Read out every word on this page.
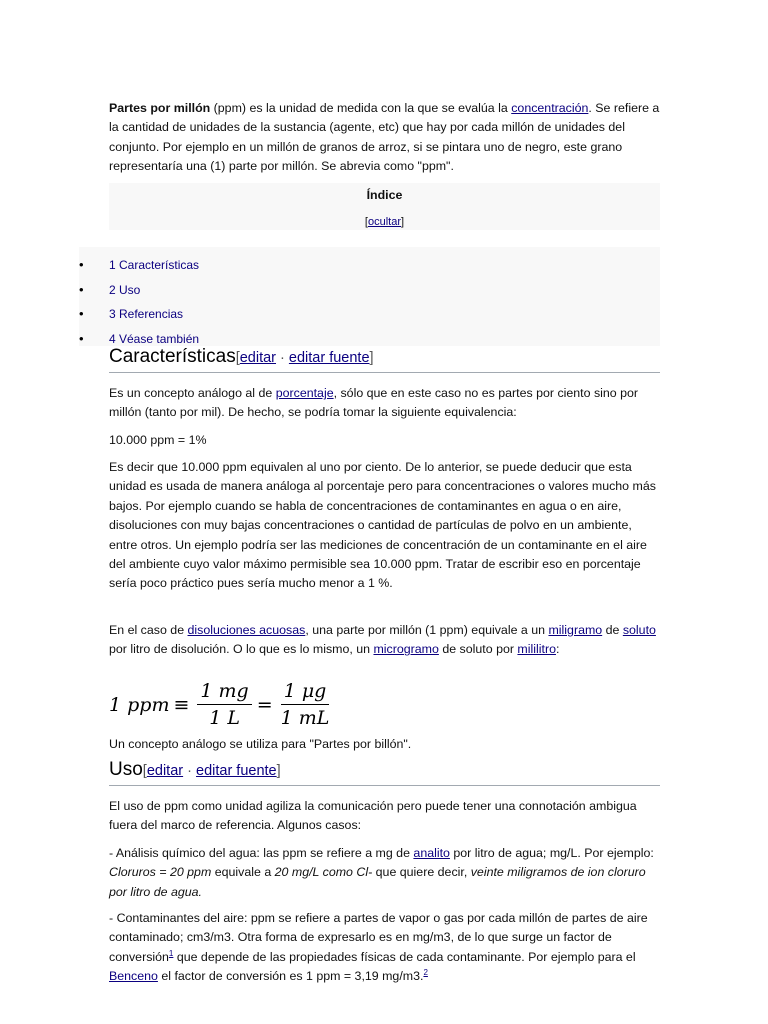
Partes por millón (ppm) es la unidad de medida con la que se evalúa la concentración. Se refiere a la cantidad de unidades de la sustancia (agente, etc) que hay por cada millón de unidades del conjunto. Por ejemplo en un millón de granos de arroz, si se pintara uno de negro, este grano representaría una (1) parte por millón. Se abrevia como "ppm".

Índice
[ocultar]
•	1 Características
•	2 Uso
•	3 Referencias
•	4 Véase también
Características[editar · editar fuente]

Es un concepto análogo al de porcentaje, sólo que en este caso no es partes por ciento sino por millón (tanto por mil). De hecho, se podría tomar la siguiente equivalencia:

10.000 ppm = 1%

Es decir que 10.000 ppm equivalen al uno por ciento. De lo anterior, se puede deducir que esta unidad es usada de manera análoga al porcentaje pero para concentraciones o valores mucho más bajos. Por ejemplo cuando se habla de concentraciones de contaminantes en agua o en aire, disoluciones con muy bajas concentraciones o cantidad de partículas de polvo en un ambiente, entre otros. Un ejemplo podría ser las mediciones de concentración de un contaminante en el aire del ambiente cuyo valor máximo permisible sea 10.000 ppm. Tratar de escribir eso en porcentaje sería poco práctico pues sería mucho menor a 1 %.

En el caso de disoluciones acuosas, una parte por millón (1 ppm) equivale a un miligramo de soluto por litro de disolución. O lo que es lo mismo, un microgramo de soluto por mililitro:

1 ppm ≡ $\frac{1 mg}{1 L} = \frac{1 \mu g}{1 mL}$

Un concepto análogo se utiliza para "Partes por billón".

Uso[editar · editar fuente]

El uso de ppm como unidad agiliza la comunicación pero puede tener una connotación ambigua fuera del marco de referencia. Algunos casos:

- Análisis químico del agua: las ppm se refiere a mg de analito por litro de agua; mg/L. Por ejemplo: Cloruros = 20 ppm equivale a 20 mg/L como Cl- que quiere decir, veinte miligramos de ion cloruro por litro de agua.

- Contaminantes del aire: ppm se refiere a partes de vapor o gas por cada millón de partes de aire contaminado; cm3/m3. Otra forma de expresarlo es en mg/m3, de lo que surge un factor de conversión$^1$ que depende de las propiedades físicas de cada contaminante. Por ejemplo para el Benceno el factor de conversión es 1 ppm = 3,19 mg/m3.$^2$
